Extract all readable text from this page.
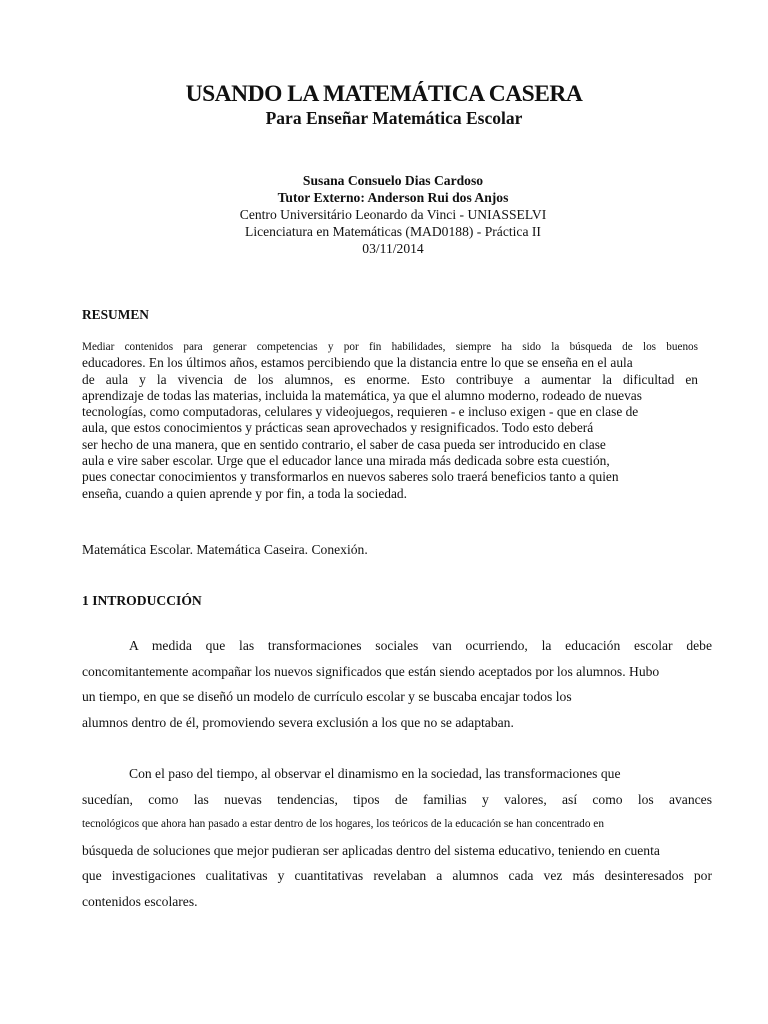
USANDO LA MATEMÁTICA CASERA
Para Enseñar Matemática Escolar
Susana Consuelo Dias Cardoso
Tutor Externo: Anderson Rui dos Anjos
Centro Universitário Leonardo da Vinci - UNIASSELVI
Licenciatura en Matemáticas (MAD0188) - Práctica II
03/11/2014
RESUMEN
Mediar contenidos para generar competencias y por fin habilidades, siempre ha sido la búsqueda de los buenos
educadores. En los últimos años, estamos percibiendo que la distancia entre lo que se enseña en el aula
de aula y la vivencia de los alumnos, es enorme. Esto contribuye a aumentar la dificultad en
aprendizaje de todas las materias, incluida la matemática, ya que el alumno moderno, rodeado de nuevas
tecnologías, como computadoras, celulares y videojuegos, requieren - e incluso exigen - que en clase de
aula, que estos conocimientos y prácticas sean aprovechados y resignificados. Todo esto deberá
ser hecho de una manera, que en sentido contrario, el saber de casa pueda ser introducido en clase
aula e vire saber escolar. Urge que el educador lance una mirada más dedicada sobre esta cuestión,
pues conectar conocimientos y transformarlos en nuevos saberes solo traerá beneficios tanto a quien
enseña, cuando a quien aprende y por fin, a toda la sociedad.
Matemática Escolar. Matemática Caseira. Conexión.
1 INTRODUCCIÓN
A medida que las transformaciones sociales van ocurriendo, la educación escolar debe
concomitantemente acompañar los nuevos significados que están siendo aceptados por los alumnos. Hubo
un tiempo, en que se diseñó un modelo de currículo escolar y se buscaba encajar todos los
alumnos dentro de él, promoviendo severa exclusión a los que no se adaptaban.
Con el paso del tiempo, al observar el dinamismo en la sociedad, las transformaciones que
sucedían, como las nuevas tendencias, tipos de familias y valores, así como los avances
tecnológicos que ahora han pasado a estar dentro de los hogares, los teóricos de la educación se han concentrado en
búsqueda de soluciones que mejor pudieran ser aplicadas dentro del sistema educativo, teniendo en cuenta
que investigaciones cualitativas y cuantitativas revelaban a alumnos cada vez más desinteresados por
contenidos escolares.
